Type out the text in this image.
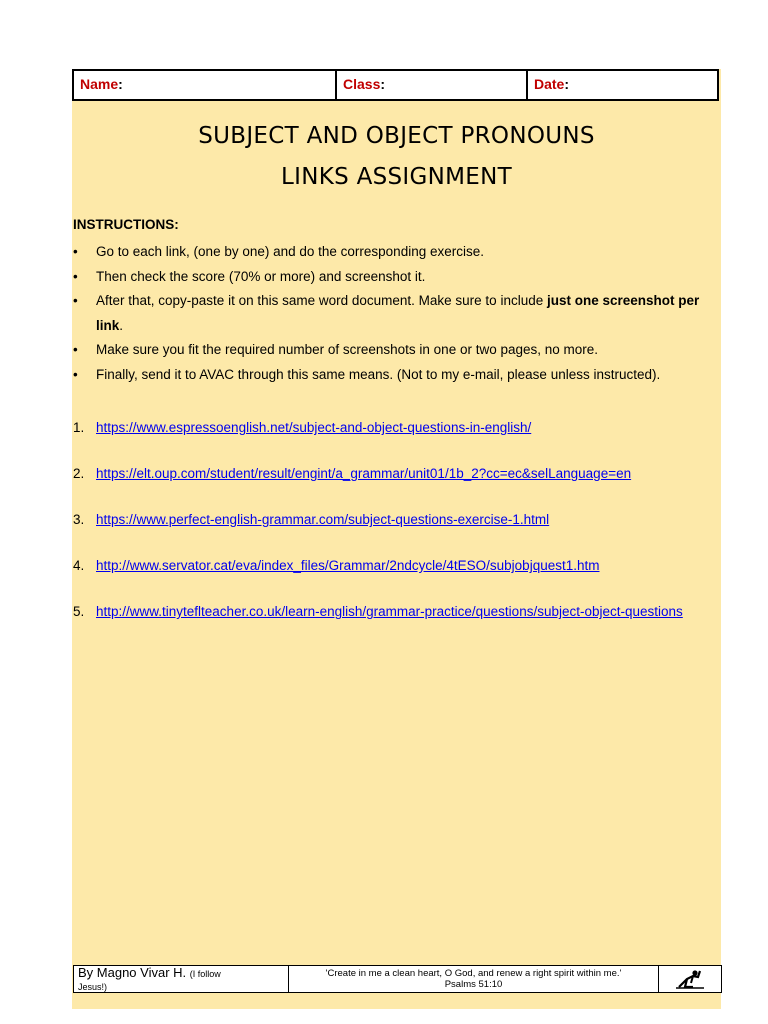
Name:	Class:	Date:
SUBJECT AND OBJECT PRONOUNS
LINKS ASSIGNMENT
INSTRUCTIONS:
• Go to each link, (one by one) and do the corresponding exercise.
• Then check the score (70% or more) and screenshot it.
• After that, copy-paste it on this same word document. Make sure to include just one screenshot per link.
• Make sure you fit the required number of screenshots in one or two pages, no more.
• Finally, send it to AVAC through this same means. (Not to my e-mail, please unless instructed).
1. https://www.espressoenglish.net/subject-and-object-questions-in-english/
2. https://elt.oup.com/student/result/engint/a_grammar/unit01/1b_2?cc=ec&selLanguage=en
3. https://www.perfect-english-grammar.com/subject-questions-exercise-1.html
4. http://www.servator.cat/eva/index_files/Grammar/2ndcycle/4tESO/subjobjquest1.htm
5. http://www.tinyteflteacher.co.uk/learn-english/grammar-practice/questions/subject-object-questions
By Magno Vivar H. (I follow
Jesus!)
'Create in me a clean heart, O God, and renew a right spirit within me.'
Psalms 51:10
